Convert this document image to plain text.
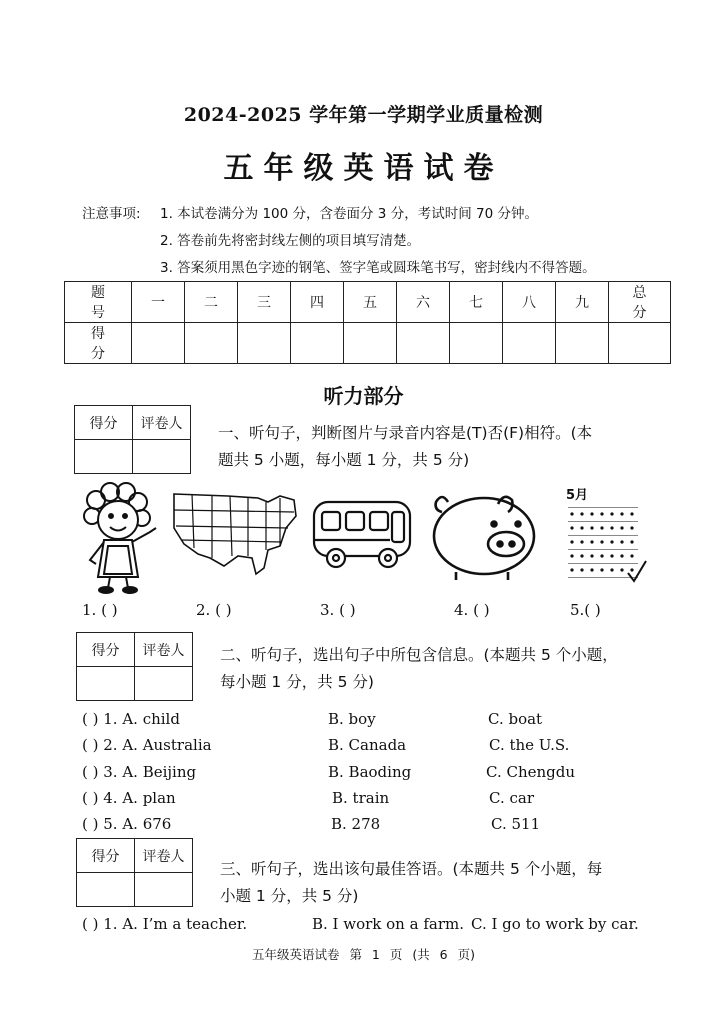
2024-2025 学年第一学期学业质量检测
五年级英语试卷
注意事项: 1. 本试卷满分为 100 分，含卷面分 3 分，考试时间 70 分钟。
2. 答卷前先将密封线左侧的项目填写清楚。
3. 答案须用黑色字迹的钢笔、签字笔或圆珠笔书写，密封线内不得答题。
题号	一	二	三	四	五	六	七	八	九	总分
得分										
听力部分
得分	评卷人

一、听句子，判断图片与录音内容是(T)否(F)相符。(本
题共 5 小题，每小题 1 分，共 5 分)
5月
1. ( )	2. ( )	3. ( )	4. ( )	5.( )
得分	评卷人
	二、听句子，选出句子中所包含信息。(本题共 5 个小题，
每小题 1 分，共 5 分)
( ) 1. A. child	B. boy	C. boat
( ) 2. A. Australia	B. Canada	C. the U.S.
( ) 3. A. Beijing	B. Baoding	C. Chengdu
( ) 4. A. plan	B. train	C. car
( ) 5. A. 676	B. 278	C. 511
得分	评卷人

三、听句子，选出该句最佳答语。(本题共 5 个小题，每
小题 1 分，共 5 分)
( ) 1. A. I’m a teacher.	B. I work on a farm. C. I go to work by car.
五年级英语试卷 第 1 页 (共 6 页)
